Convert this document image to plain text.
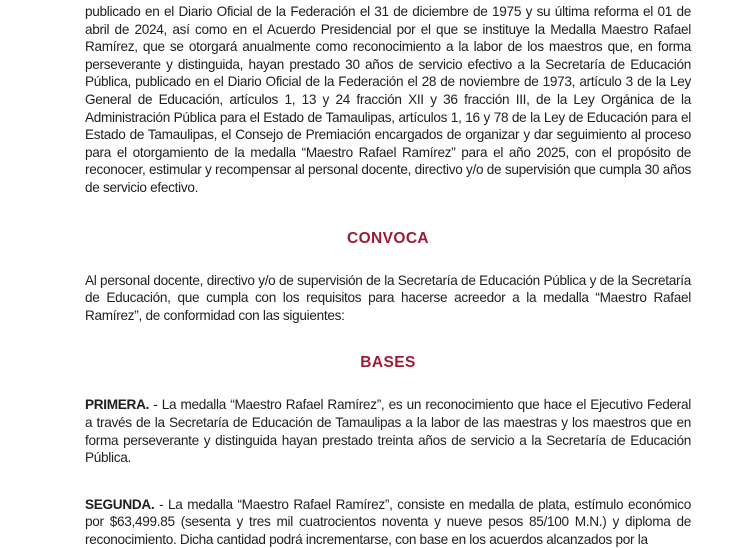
publicado en el Diario Oficial de la Federación el 31 de diciembre de 1975 y su última reforma el 01 de abril de 2024, así como en el Acuerdo Presidencial por el que se instituye la Medalla Maestro Rafael Ramírez, que se otorgará anualmente como reconocimiento a la labor de los maestros que, en forma perseverante y distinguida, hayan prestado 30 años de servicio efectivo a la Secretaría de Educación Pública, publicado en el Diario Oficial de la Federación el 28 de noviembre de 1973, artículo 3 de la Ley General de Educación, artículos 1, 13 y 24 fracción XII y 36 fracción III, de la Ley Orgánica de la Administración Pública para el Estado de Tamaulipas, artículos 1, 16 y 78 de la Ley de Educación para el Estado de Tamaulipas, el Consejo de Premiación encargados de organizar y dar seguimiento al proceso para el otorgamiento de la medalla “Maestro Rafael Ramírez” para el año 2025, con el propósito de reconocer, estimular y recompensar al personal docente, directivo y/o de supervisión que cumpla 30 años de servicio efectivo.

CONVOCA

Al personal docente, directivo y/o de supervisión de la Secretaría de Educación Pública y de la Secretaría de Educación, que cumpla con los requisitos para hacerse acreedor a la medalla “Maestro Rafael Ramírez”, de conformidad con las siguientes:

BASES

PRIMERA. - La medalla “Maestro Rafael Ramírez”, es un reconocimiento que hace el Ejecutivo Federal a través de la Secretaría de Educación de Tamaulipas a la labor de las maestras y los maestros que en forma perseverante y distinguida hayan prestado treinta años de servicio a la Secretaría de Educación Pública.

SEGUNDA. - La medalla “Maestro Rafael Ramírez”, consiste en medalla de plata, estímulo económico por $63,499.85 (sesenta y tres mil cuatrocientos noventa y nueve pesos 85/100 M.N.) y diploma de reconocimiento. Dicha cantidad podrá incrementarse, con base en los acuerdos alcanzados por la
